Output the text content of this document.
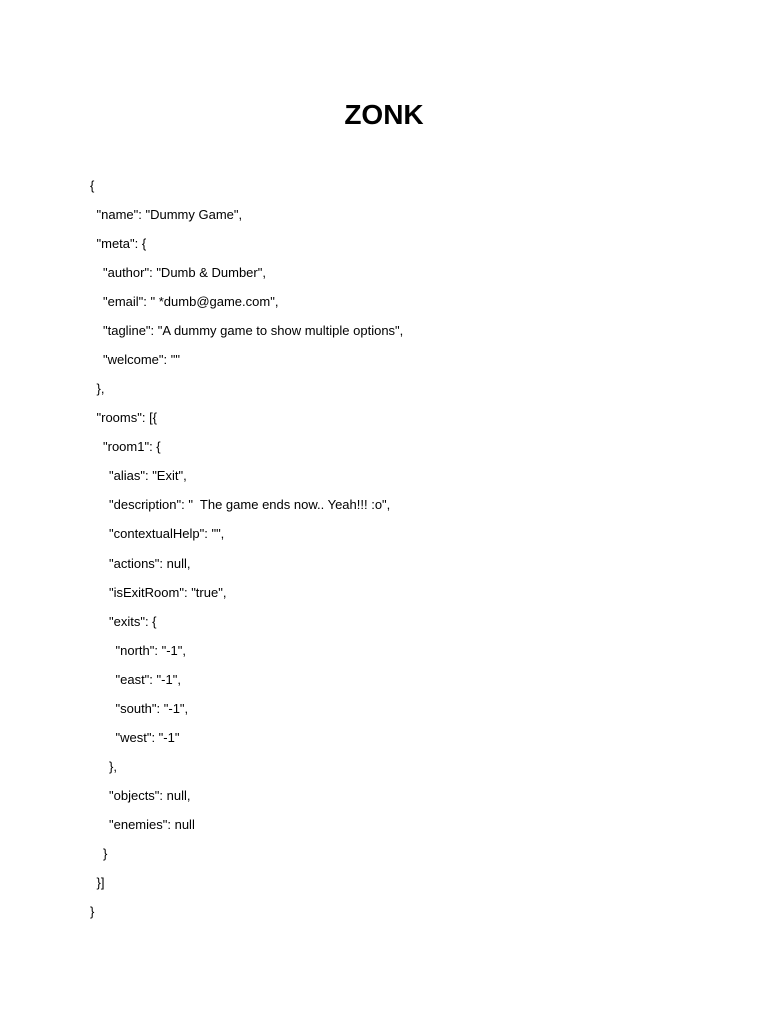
ZONK
{
"name": "Dummy Game",
"meta": {
"author": "Dumb & Dumber",
"email": " *dumb@game.com",
"tagline": "A dummy game to show multiple options",
"welcome": ""
},
"rooms": [{
"room1": {
"alias": "Exit",
"description": "  The game ends now.. Yeah!!! :o",
"contextualHelp": "",
"actions": null,
"isExitRoom": "true",
"exits": {
"north": "-1",
"east": "-1",
"south": "-1",
"west": "-1"
},
"objects": null,
"enemies": null
}
}]
}
